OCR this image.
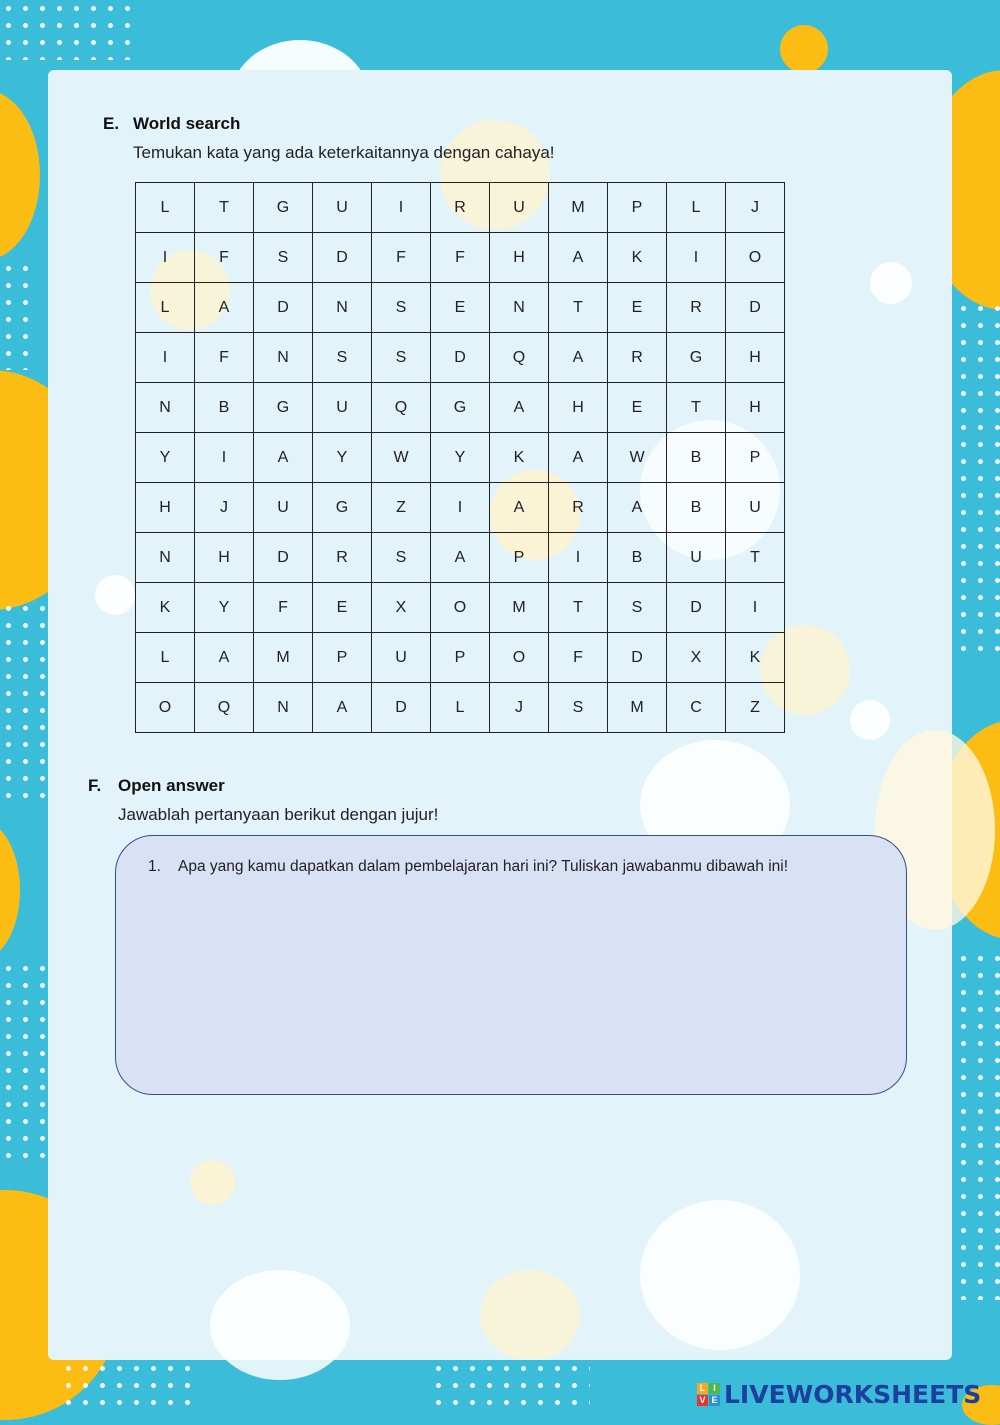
E. World search
Temukan kata yang ada keterkaitannya dengan cahaya!
L	T	G	U	I	R	U	M	P	L	J
I	F	S	D	F	F	H	A	K	I	O
L	A	D	N	S	E	N	T	E	R	D
I	F	N	S	S	D	Q	A	R	G	H
N	B	G	U	Q	G	A	H	E	T	H
Y	I	A	Y	W	Y	K	A	W	B	P
H	J	U	G	Z	I	A	R	A	B	U
N	H	D	R	S	A	P	I	B	U	T
K	Y	F	E	X	O	M	T	S	D	I
L	A	M	P	U	P	O	F	D	X	K
O	Q	N	A	D	L	J	S	M	C	Z
F. Open answer
Jawablah pertanyaan berikut dengan jujur!
1. Apa yang kamu dapatkan dalam pembelajaran hari ini? Tuliskan jawabanmu dibawah ini!
L I
V E LIVEWORKSHEETS
